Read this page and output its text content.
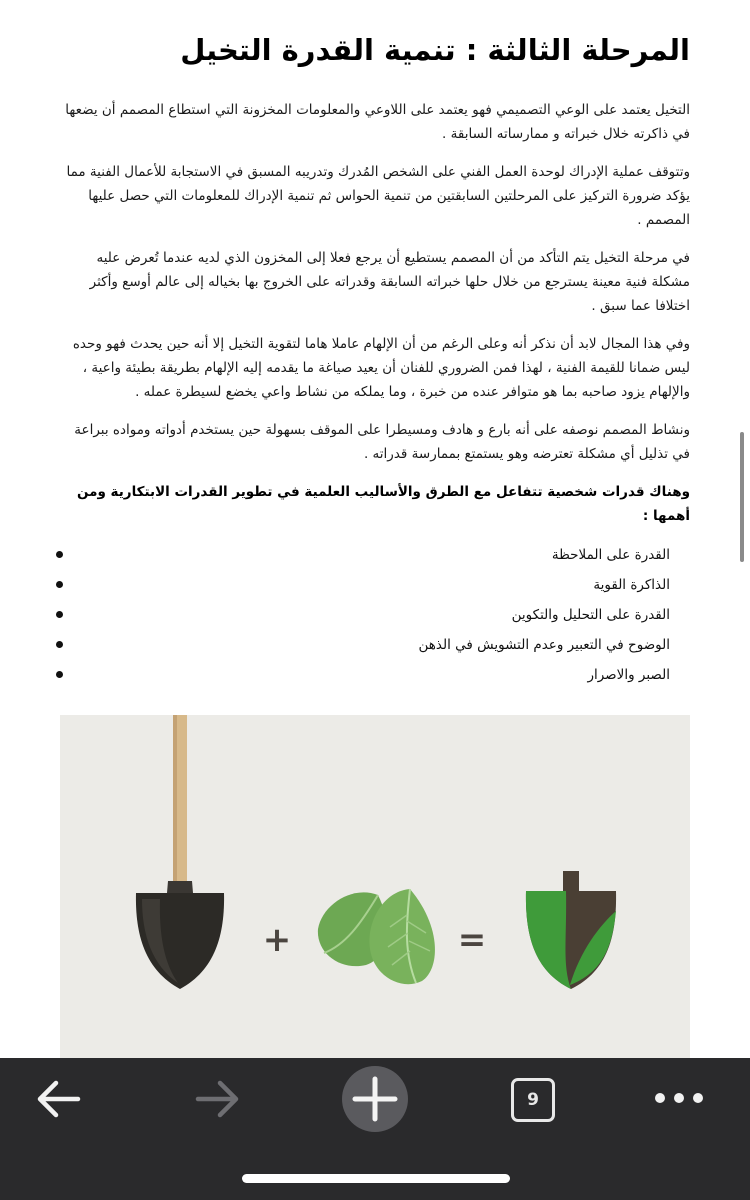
المرحلة الثالثة : تنمية القدرة التخيل

التخيل يعتمد على الوعي التصميمي فهو يعتمد على اللاوعي والمعلومات المخزونة التي استطاع المصمم أن يضعها في ذاكرته خلال خبراته و ممارساته السابقة .

وتتوقف عملية الإدراك لوحدة العمل الفني على الشخص المُدرك وتدريبه المسبق في الاستجابة للأعمال الفنية مما يؤكد ضرورة التركيز على المرحلتين السابقتين من تنمية الحواس ثم تنمية الإدراك للمعلومات التي حصل عليها المصمم .

في مرحلة التخيل يتم التأكد من أن المصمم يستطيع أن يرجع فعلا إلى المخزون الذي لديه عندما تُعرض عليه مشكلة فنية معينة يسترجع من خلال حلها خبراته السابقة وقدراته على الخروج بها بخياله إلى عالم أوسع وأكثر اختلافا عما سبق .

وفي هذا المجال لابد أن نذكر أنه وعلى الرغم من أن الإلهام عاملا هاما لتقوية التخيل إلا أنه حين يحدث فهو وحده ليس ضمانا للقيمة الفنية ، لهذا فمن الضروري للفنان أن يعيد صياغة ما يقدمه إليه الإلهام بطريقة بطيئة واعية ، والإلهام يزود صاحبه بما هو متوافر عنده من خبرة ، وما يملكه من نشاط واعي يخضع لسيطرة عمله .

ونشاط المصمم نوصفه على أنه بارع و هادف ومسيطرا على الموقف بسهولة حين يستخدم أدواته ومواده ببراعة في تذليل أي مشكلة تعترضه وهو يستمتع بممارسة قدراته .

وهناك قدرات شخصية تتفاعل مع الطرق والأساليب العلمية في تطوير القدرات الابتكارية ومن أهمها :

القدرة على الملاحظة
الذاكرة القوية
القدرة على التحليل والتكوين
الوضوح في التعبير وعدم التشويش في الذهن
الصبر والاصرار
+	=
9
